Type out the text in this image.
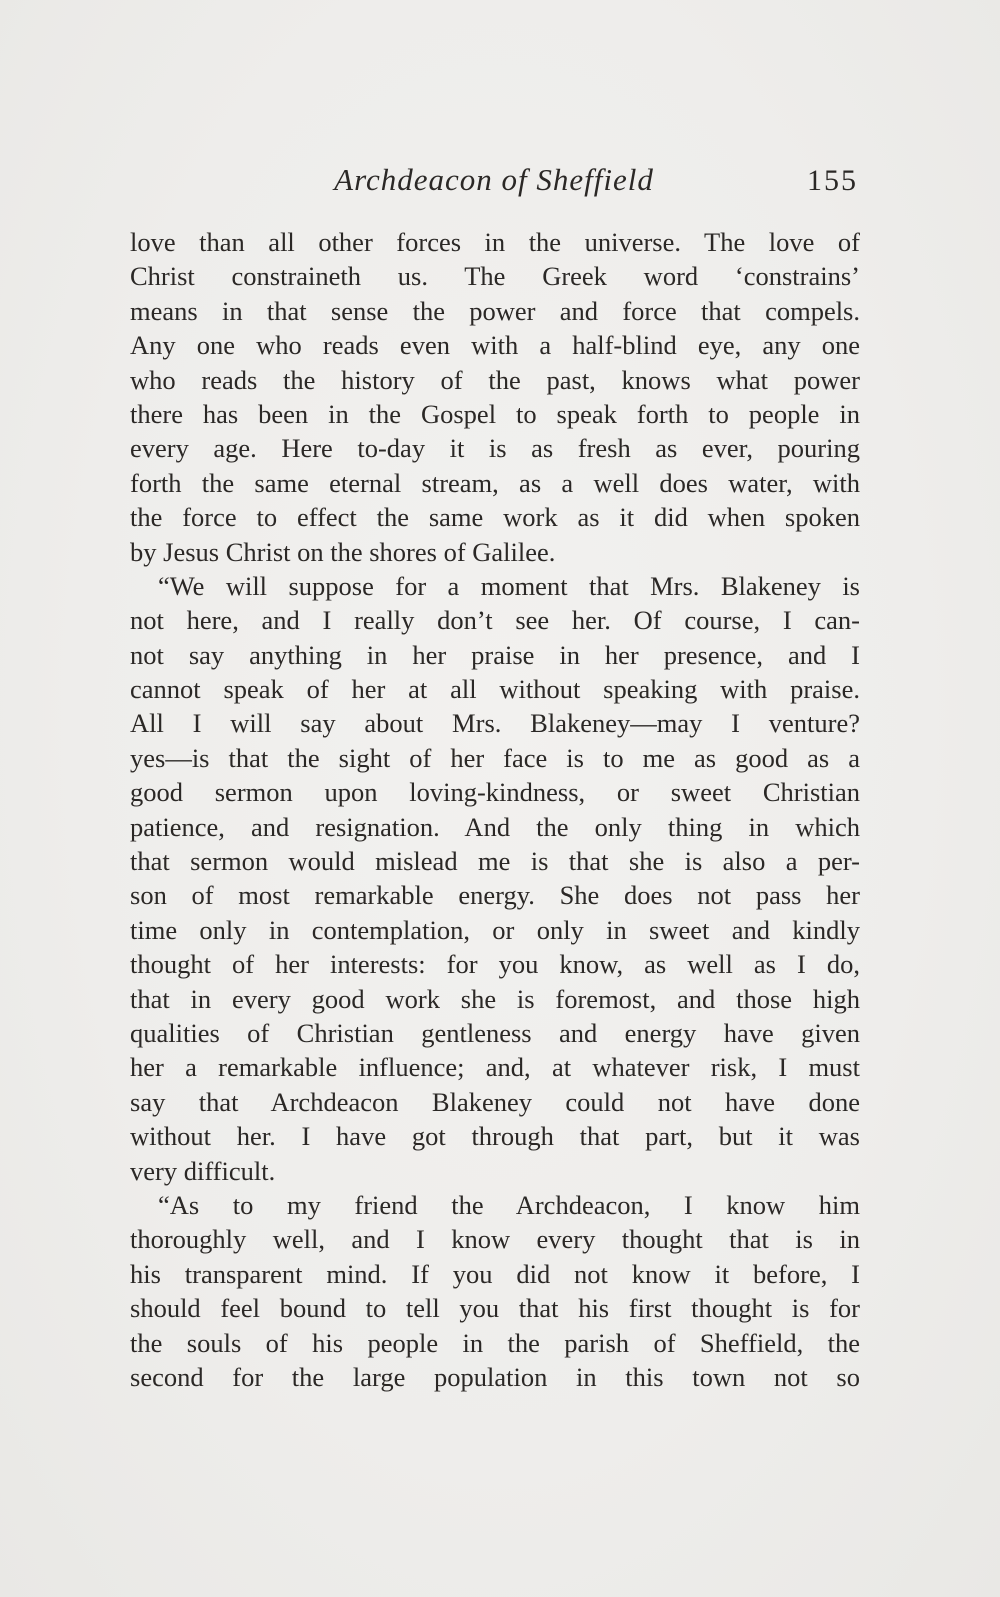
Archdeacon of Sheffield	155
love than all other forces in the universe. The love of
Christ constraineth us. The Greek word ‘constrains’
means in that sense the power and force that compels.
Any one who reads even with a half-blind eye, any one
who reads the history of the past, knows what power
there has been in the Gospel to speak forth to people in
every age. Here to-day it is as fresh as ever, pouring
forth the same eternal stream, as a well does water, with
the force to effect the same work as it did when spoken
by Jesus Christ on the shores of Galilee.
“We will suppose for a moment that Mrs. Blakeney is
not here, and I really don’t see her. Of course, I can-
not say anything in her praise in her presence, and I
cannot speak of her at all without speaking with praise.
All I will say about Mrs. Blakeney—may I venture?
yes—is that the sight of her face is to me as good as a
good sermon upon loving-kindness, or sweet Christian
patience, and resignation. And the only thing in which
that sermon would mislead me is that she is also a per-
son of most remarkable energy. She does not pass her
time only in contemplation, or only in sweet and kindly
thought of her interests: for you know, as well as I do,
that in every good work she is foremost, and those high
qualities of Christian gentleness and energy have given
her a remarkable influence; and, at whatever risk, I must
say that Archdeacon Blakeney could not have done
without her. I have got through that part, but it was
very difficult.
“As to my friend the Archdeacon, I know him
thoroughly well, and I know every thought that is in
his transparent mind. If you did not know it before, I
should feel bound to tell you that his first thought is for
the souls of his people in the parish of Sheffield, the
second for the large population in this town not so
